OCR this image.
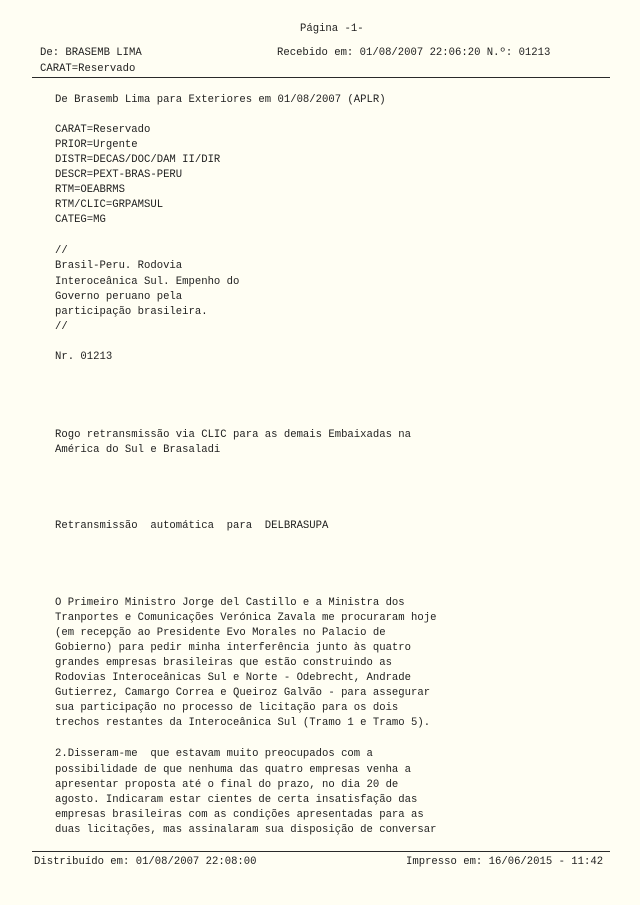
Página -1-
De: BRASEMB LIMA	Recebido em: 01/08/2007 22:06:20 N.º: 01213
CARAT=Reservado
De Brasemb Lima para Exteriores em 01/08/2007 (APLR)
CARAT=Reservado
PRIOR=Urgente
DISTR=DECAS/DOC/DAM II/DIR
DESCR=PEXT-BRAS-PERU
RTM=OEABRMS
RTM/CLIC=GRPAMSUL
CATEG=MG
//
Brasil-Peru. Rodovia
Interoceânica Sul. Empenho do
Governo peruano pela
participação brasileira.
//
Nr. 01213
Rogo retransmissão via CLIC para as demais Embaixadas na
América do Sul e Brasaladi
Retransmissão  automática  para  DELBRASUPA
O Primeiro Ministro Jorge del Castillo e a Ministra dos
Tranportes e Comunicações Verónica Zavala me procuraram hoje
(em recepção ao Presidente Evo Morales no Palacio de
Gobierno) para pedir minha interferência junto às quatro
grandes empresas brasileiras que estão construindo as
Rodovias Interoceânicas Sul e Norte - Odebrecht, Andrade
Gutierrez, Camargo Correa e Queiroz Galvão - para assegurar
sua participação no processo de licitação para os dois
trechos restantes da Interoceânica Sul (Tramo 1 e Tramo 5).
2.Disseram-me  que estavam muito preocupados com a
possibilidade de que nenhuma das quatro empresas venha a
apresentar proposta até o final do prazo, no dia 20 de
agosto. Indicaram estar cientes de certa insatisfação das
empresas brasileiras com as condições apresentadas para as
duas licitações, mas assinalaram sua disposição de conversar
Distribuído em: 01/08/2007 22:08:00	Impresso em: 16/06/2015 - 11:42
